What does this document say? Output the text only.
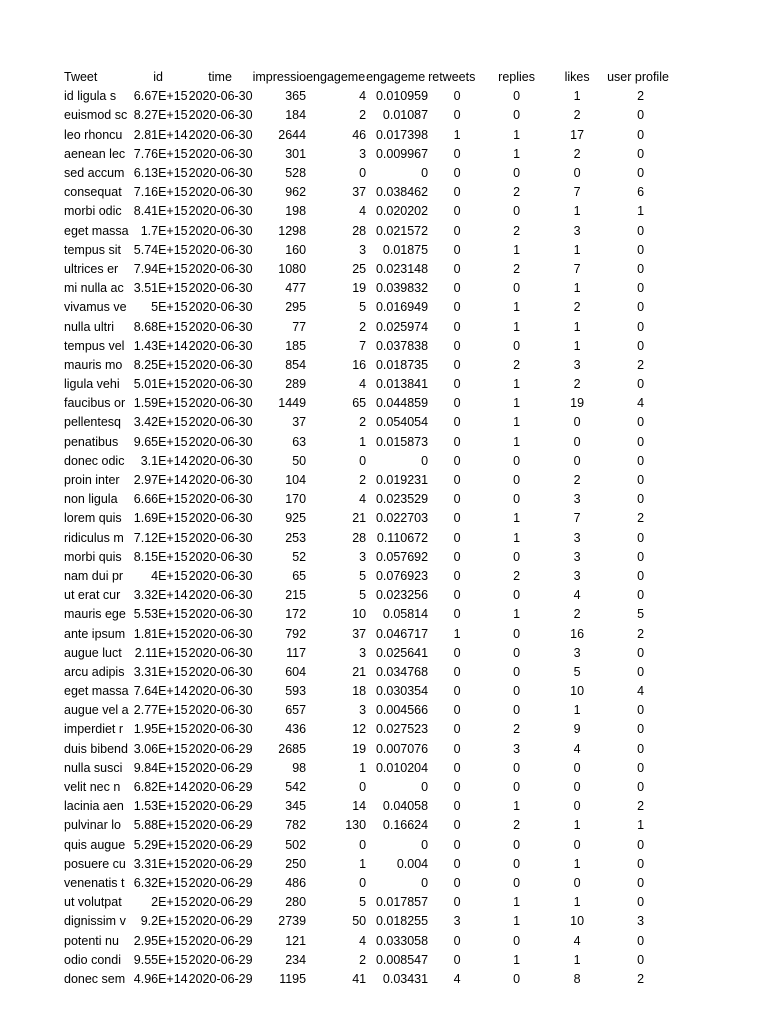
Tweet	id	time	impressio	engageme	engageme	retweets	replies	likes	user profile
id ligula s	6.67E+15	2020-06-30	365	4	0.010959	0	0	1	2
euismod sc	8.27E+15	2020-06-30	184	2	0.01087	0	0	2	0
leo rhoncu	2.81E+14	2020-06-30	2644	46	0.017398	1	1	17	0
aenean lec	7.76E+15	2020-06-30	301	3	0.009967	0	1	2	0
sed accum	6.13E+15	2020-06-30	528	0	0	0	0	0	0
consequat	7.16E+15	2020-06-30	962	37	0.038462	0	2	7	6
morbi odic	8.41E+15	2020-06-30	198	4	0.020202	0	0	1	1
eget massa	1.7E+15	2020-06-30	1298	28	0.021572	0	2	3	0
tempus sit	5.74E+15	2020-06-30	160	3	0.01875	0	1	1	0
ultrices er	7.94E+15	2020-06-30	1080	25	0.023148	0	2	7	0
mi nulla ac	3.51E+15	2020-06-30	477	19	0.039832	0	0	1	0
vivamus ve	5E+15	2020-06-30	295	5	0.016949	0	1	2	0
nulla ultri	8.68E+15	2020-06-30	77	2	0.025974	0	1	1	0
tempus vel	1.43E+14	2020-06-30	185	7	0.037838	0	0	1	0
mauris mo	8.25E+15	2020-06-30	854	16	0.018735	0	2	3	2
ligula vehi	5.01E+15	2020-06-30	289	4	0.013841	0	1	2	0
faucibus or	1.59E+15	2020-06-30	1449	65	0.044859	0	1	19	4
pellentesq	3.42E+15	2020-06-30	37	2	0.054054	0	1	0	0
penatibus	9.65E+15	2020-06-30	63	1	0.015873	0	1	0	0
donec odic	3.1E+14	2020-06-30	50	0	0	0	0	0	0
proin inter	2.97E+14	2020-06-30	104	2	0.019231	0	0	2	0
non ligula	6.66E+15	2020-06-30	170	4	0.023529	0	0	3	0
lorem quis	1.69E+15	2020-06-30	925	21	0.022703	0	1	7	2
ridiculus m	7.12E+15	2020-06-30	253	28	0.110672	0	1	3	0
morbi quis	8.15E+15	2020-06-30	52	3	0.057692	0	0	3	0
nam dui pr	4E+15	2020-06-30	65	5	0.076923	0	2	3	0
ut erat cur	3.32E+14	2020-06-30	215	5	0.023256	0	0	4	0
mauris ege	5.53E+15	2020-06-30	172	10	0.05814	0	1	2	5
ante ipsum	1.81E+15	2020-06-30	792	37	0.046717	1	0	16	2
augue luct	2.11E+15	2020-06-30	117	3	0.025641	0	0	3	0
arcu adipis	3.31E+15	2020-06-30	604	21	0.034768	0	0	5	0
eget massa	7.64E+14	2020-06-30	593	18	0.030354	0	0	10	4
augue vel a	2.77E+15	2020-06-30	657	3	0.004566	0	0	1	0
imperdiet r	1.95E+15	2020-06-30	436	12	0.027523	0	2	9	0
duis bibend	3.06E+15	2020-06-29	2685	19	0.007076	0	3	4	0
nulla susci	9.84E+15	2020-06-29	98	1	0.010204	0	0	0	0
velit nec n	6.82E+14	2020-06-29	542	0	0	0	0	0	0
lacinia aen	1.53E+15	2020-06-29	345	14	0.04058	0	1	0	2
pulvinar lo	5.88E+15	2020-06-29	782	130	0.16624	0	2	1	1
quis augue	5.29E+15	2020-06-29	502	0	0	0	0	0	0
posuere cu	3.31E+15	2020-06-29	250	1	0.004	0	0	1	0
venenatis t	6.32E+15	2020-06-29	486	0	0	0	0	0	0
ut volutpat	2E+15	2020-06-29	280	5	0.017857	0	1	1	0
dignissim v	9.2E+15	2020-06-29	2739	50	0.018255	3	1	10	3
potenti nu	2.95E+15	2020-06-29	121	4	0.033058	0	0	4	0
odio condi	9.55E+15	2020-06-29	234	2	0.008547	0	1	1	0
donec sem	4.96E+14	2020-06-29	1195	41	0.03431	4	0	8	2
